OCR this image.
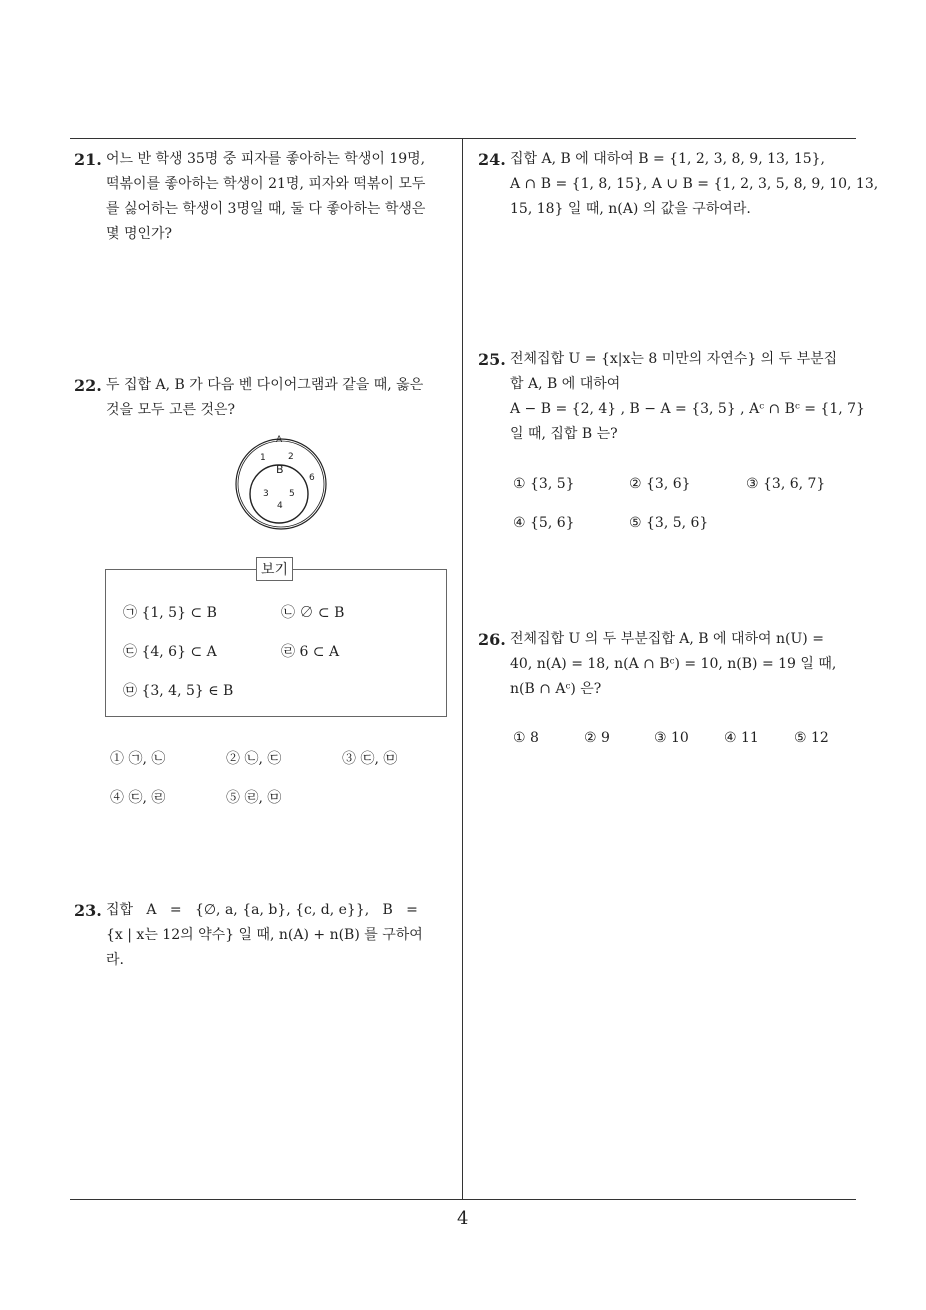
21. 어느 반 학생 35명 중 피자를 좋아하는 학생이 19명,
떡볶이를 좋아하는 학생이 21명, 피자와 떡볶이 모두
를 싫어하는 학생이 3명일 때, 둘 다 좋아하는 학생은
몇 명인가?
22. 두 집합 A, B 가 다음 벤 다이어그램과 같을 때, 옳은
것을 모두 고른 것은?
A
B
1 2
6
3 5
4
보기
㉠ {1, 5} ⊂ B	㉡ ∅ ⊂ B
㉢ {4, 6} ⊂ A	㉣ 6 ⊂ A
㉤ {3, 4, 5} ∈ B
① ㉠, ㉡	② ㉡, ㉢	③ ㉢, ㉤
④ ㉢, ㉣	⑤ ㉣, ㉤
23. 집합   A   =   {∅, a, {a, b}, {c, d, e}},   B   =
{x | x는 12의 약수} 일 때, n(A) + n(B) 를 구하여
라.
24. 집합 A, B 에 대하여 B = {1, 2, 3, 8, 9, 13, 15},
A ∩ B = {1, 8, 15}, A ∪ B = {1, 2, 3, 5, 8, 9, 10, 13,
15, 18} 일 때, n(A) 의 값을 구하여라.
25. 전체집합 U = {x|x는 8 미만의 자연수} 의 두 부분집
합 A, B 에 대하여
A − B = {2, 4} , B − A = {3, 5} , Aᶜ ∩ Bᶜ = {1, 7}
일 때, 집합 B 는?
① {3, 5}	② {3, 6}	③ {3, 6, 7}
④ {5, 6}	⑤ {3, 5, 6}
26. 전체집합 U 의 두 부분집합 A, B 에 대하여 n(U) =
40, n(A) = 18, n(A ∩ Bᶜ) = 10, n(B) = 19 일 때,
n(B ∩ Aᶜ) 은?
① 8	② 9	③ 10	④ 11	⑤ 12
4
